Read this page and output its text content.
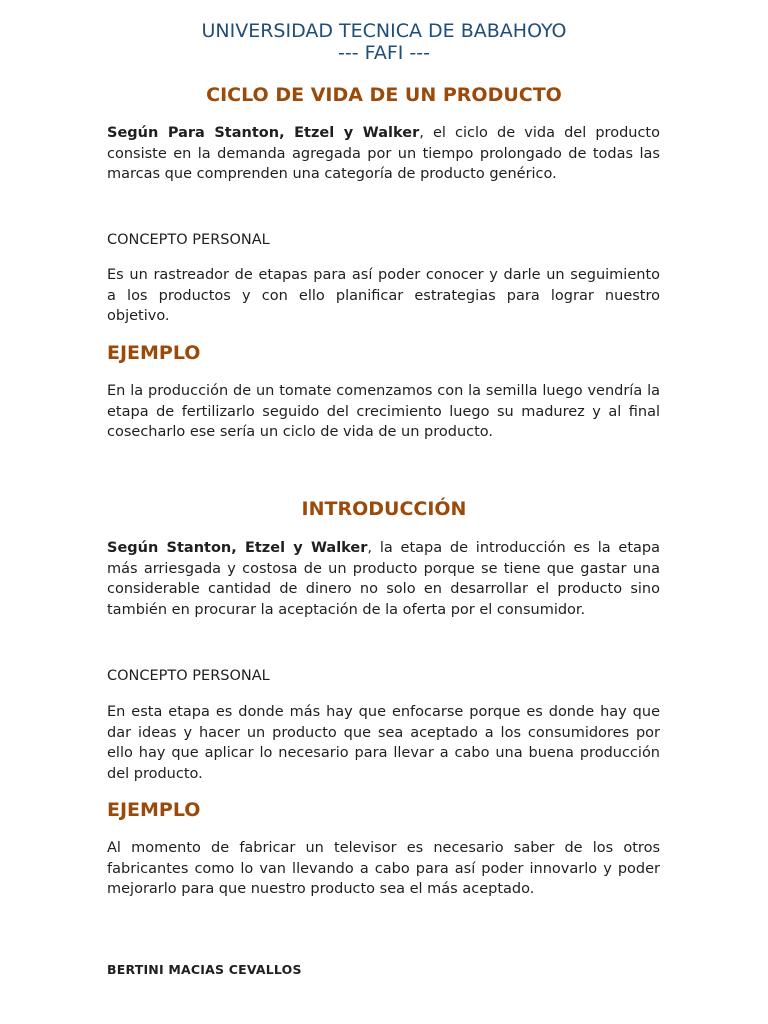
UNIVERSIDAD TECNICA DE BABAHOYO
--- FAFI ---
CICLO DE VIDA DE UN PRODUCTO
Según Para Stanton, Etzel y Walker, el ciclo de vida del producto consiste en la demanda agregada por un tiempo prolongado de todas las marcas que comprenden una categoría de producto genérico.
CONCEPTO PERSONAL
Es un rastreador de etapas para así poder conocer y darle un seguimiento a los productos y con ello planificar estrategias para lograr nuestro objetivo.
EJEMPLO
En la producción de un tomate comenzamos con la semilla luego vendría la etapa de fertilizarlo seguido del crecimiento luego su madurez y al final cosecharlo ese sería un ciclo de vida de un producto.
INTRODUCCIÓN
Según Stanton, Etzel y Walker, la etapa de introducción es la etapa más arriesgada y costosa de un producto porque se tiene que gastar una considerable cantidad de dinero no solo en desarrollar el producto sino también en procurar la aceptación de la oferta por el consumidor.
CONCEPTO PERSONAL
En esta etapa es donde más hay que enfocarse porque es donde hay que dar ideas y hacer un producto que sea aceptado a los consumidores por ello hay que aplicar lo necesario para llevar a cabo una buena producción del producto.
EJEMPLO
Al momento de fabricar un televisor es necesario saber de los otros fabricantes como lo van llevando a cabo para así poder innovarlo y poder mejorarlo para que nuestro producto sea el más aceptado.
BERTINI MACIAS CEVALLOS
